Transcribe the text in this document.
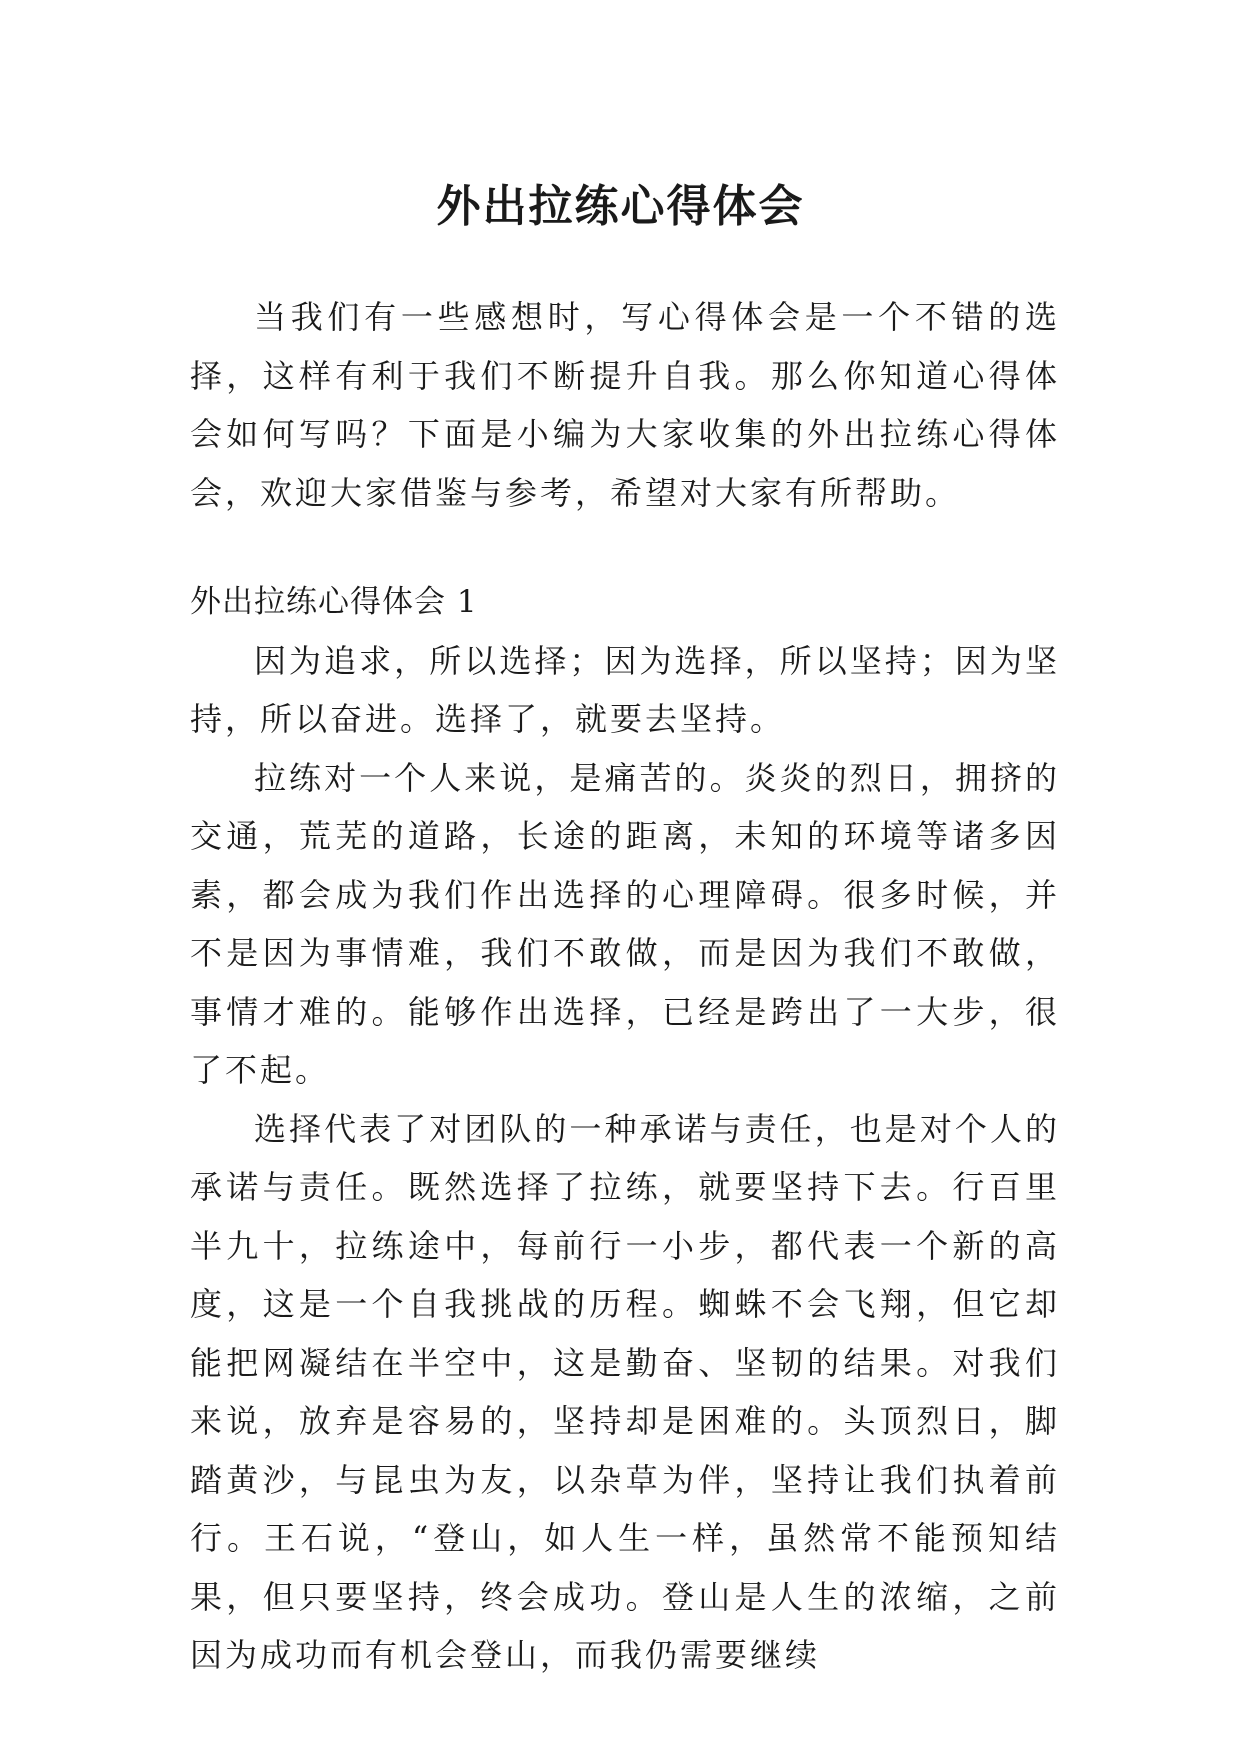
外出拉练心得体会

当我们有一些感想时，写心得体会是一个不错的选择，这样有利于我们不断提升自我。那么你知道心得体会如何写吗？下面是小编为大家收集的外出拉练心得体会，欢迎大家借鉴与参考，希望对大家有所帮助。

外出拉练心得体会 1

因为追求，所以选择；因为选择，所以坚持；因为坚持，所以奋进。选择了，就要去坚持。

拉练对一个人来说，是痛苦的。炎炎的烈日，拥挤的交通，荒芜的道路，长途的距离，未知的环境等诸多因素，都会成为我们作出选择的心理障碍。很多时候，并不是因为事情难，我们不敢做，而是因为我们不敢做，事情才难的。能够作出选择，已经是跨出了一大步，很了不起。

选择代表了对团队的一种承诺与责任，也是对个人的承诺与责任。既然选择了拉练，就要坚持下去。行百里半九十，拉练途中，每前行一小步，都代表一个新的高度，这是一个自我挑战的历程。蜘蛛不会飞翔，但它却能把网凝结在半空中，这是勤奋、坚韧的结果。对我们来说，放弃是容易的，坚持却是困难的。头顶烈日，脚踏黄沙，与昆虫为友，以杂草为伴，坚持让我们执着前行。王石说，“登山，如人生一样，虽然常不能预知结果，但只要坚持，终会成功。登山是人生的浓缩，之前因为成功而有机会登山，而我仍需要继续
